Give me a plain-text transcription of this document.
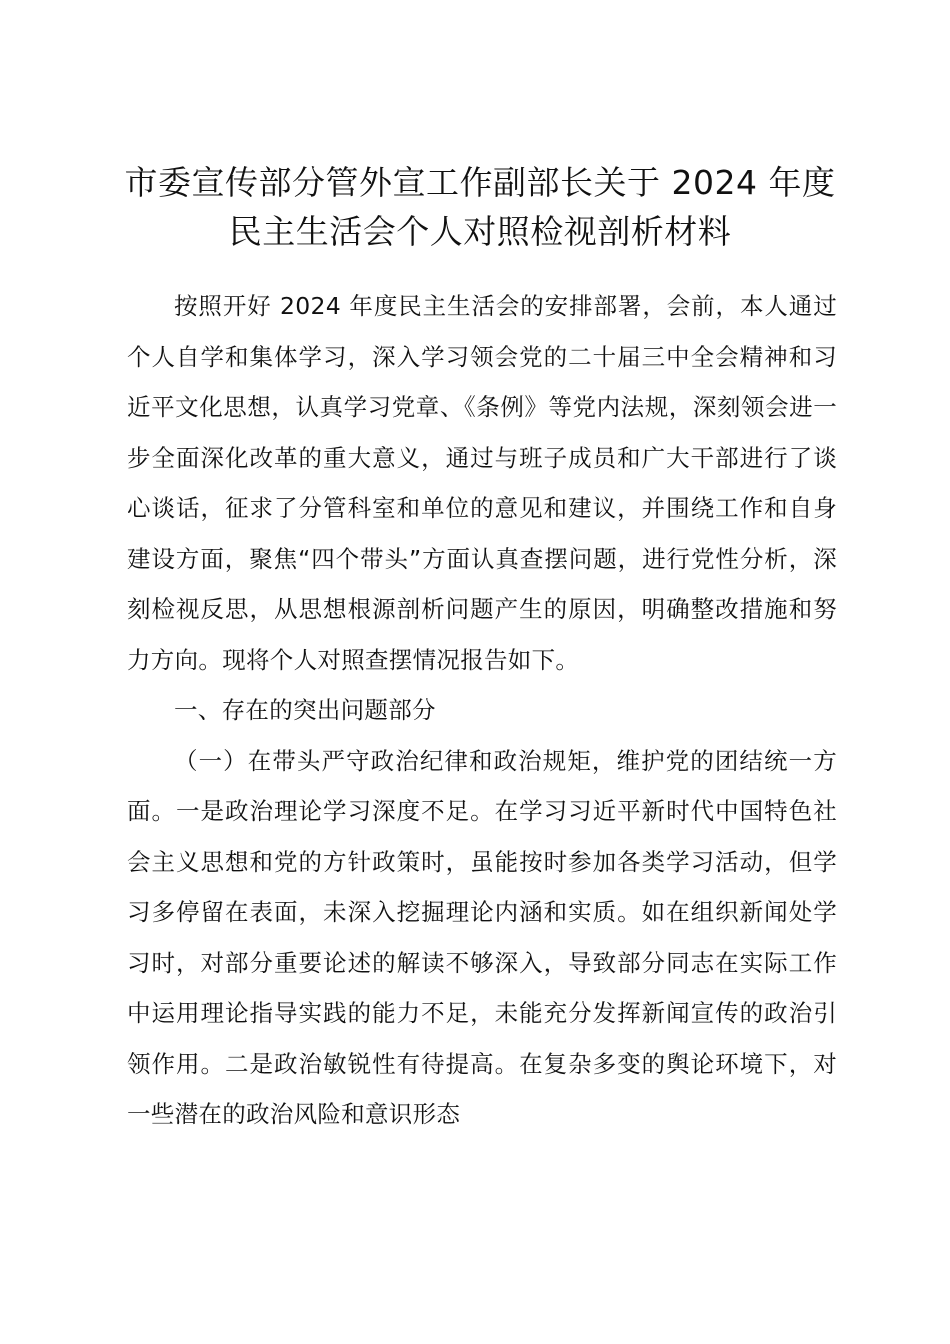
市委宣传部分管外宣工作副部长关于 2024 年度民主生活会个人对照检视剖析材料

按照开好 2024 年度民主生活会的安排部署，会前，本人通过个人自学和集体学习，深入学习领会党的二十届三中全会精神和习近平文化思想，认真学习党章、《条例》等党内法规，深刻领会进一步全面深化改革的重大意义，通过与班子成员和广大干部进行了谈心谈话，征求了分管科室和单位的意见和建议，并围绕工作和自身建设方面，聚焦“四个带头”方面认真查摆问题，进行党性分析，深刻检视反思，从思想根源剖析问题产生的原因，明确整改措施和努力方向。现将个人对照查摆情况报告如下。

一、存在的突出问题部分

（一）在带头严守政治纪律和政治规矩，维护党的团结统一方面。一是政治理论学习深度不足。在学习习近平新时代中国特色社会主义思想和党的方针政策时，虽能按时参加各类学习活动，但学习多停留在表面，未深入挖掘理论内涵和实质。如在组织新闻处学习时，对部分重要论述的解读不够深入，导致部分同志在实际工作中运用理论指导实践的能力不足，未能充分发挥新闻宣传的政治引领作用。二是政治敏锐性有待提高。在复杂多变的舆论环境下，对一些潜在的政治风险和意识形态
